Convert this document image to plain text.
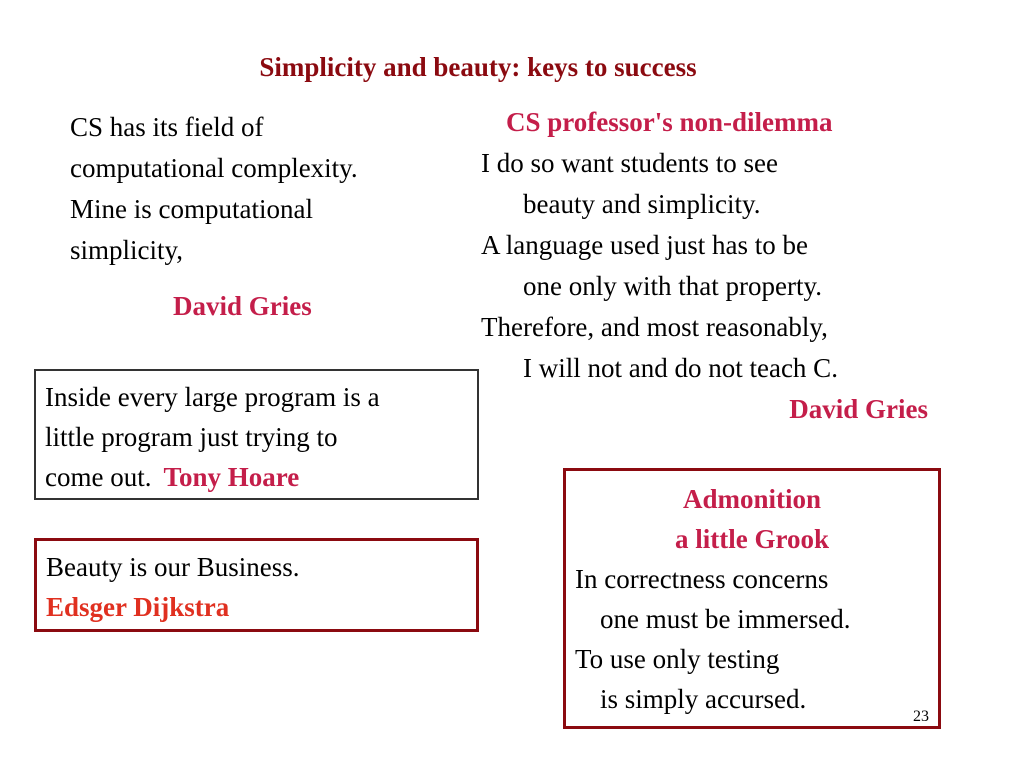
Simplicity and beauty: keys to success
CS has its field of
computational complexity.
Mine is computational
simplicity,
David Gries
CS professor's non-dilemma
I do so want students to see
beauty and simplicity.
A language used just has to be
one only with that property.
Therefore, and most reasonably,
I will not and do not teach C.
David Gries
Inside every large program is a
little program just trying to
come out. Tony Hoare
Beauty is our Business.
Edsger Dijkstra
Admonition
a little Grook
In correctness concerns
one must be immersed.
To use only testing
is simply accursed.
23
